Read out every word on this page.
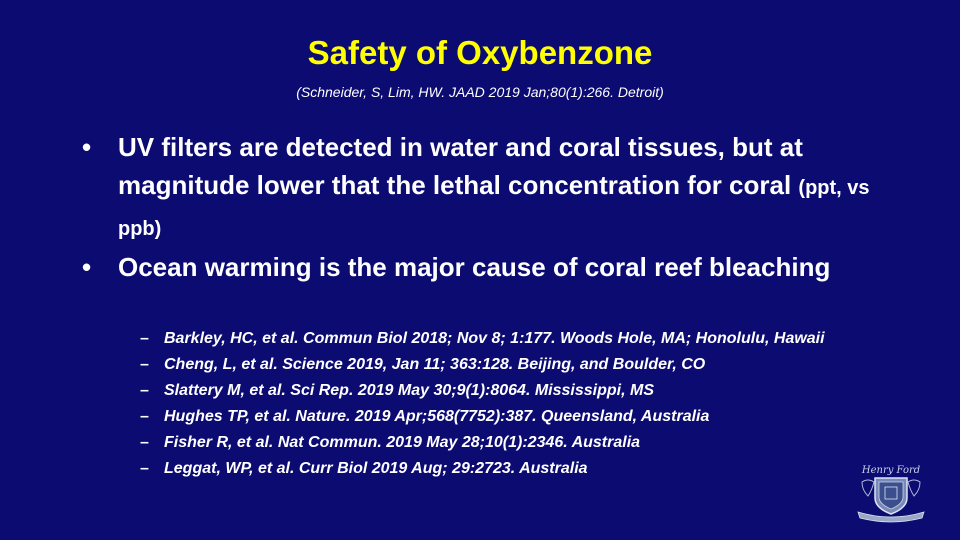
Safety of Oxybenzone
(Schneider, S, Lim, HW. JAAD 2019 Jan;80(1):266. Detroit)
• UV filters are detected in water and coral tissues, but at magnitude lower that the lethal concentration for coral (ppt, vs ppb)
• Ocean warming is the major cause of coral reef bleaching
– Barkley, HC, et al. Commun Biol 2018; Nov 8; 1:177. Woods Hole, MA; Honolulu, Hawaii
– Cheng, L, et al. Science 2019, Jan 11; 363:128. Beijing, and Boulder, CO
– Slattery M, et al. Sci Rep. 2019 May 30;9(1):8064. Mississippi, MS
– Hughes TP, et al. Nature. 2019 Apr;568(7752):387. Queensland, Australia
– Fisher R, et al. Nat Commun. 2019 May 28;10(1):2346. Australia
– Leggat, WP, et al. Curr Biol 2019 Aug; 29:2723. Australia	Henry Ford
